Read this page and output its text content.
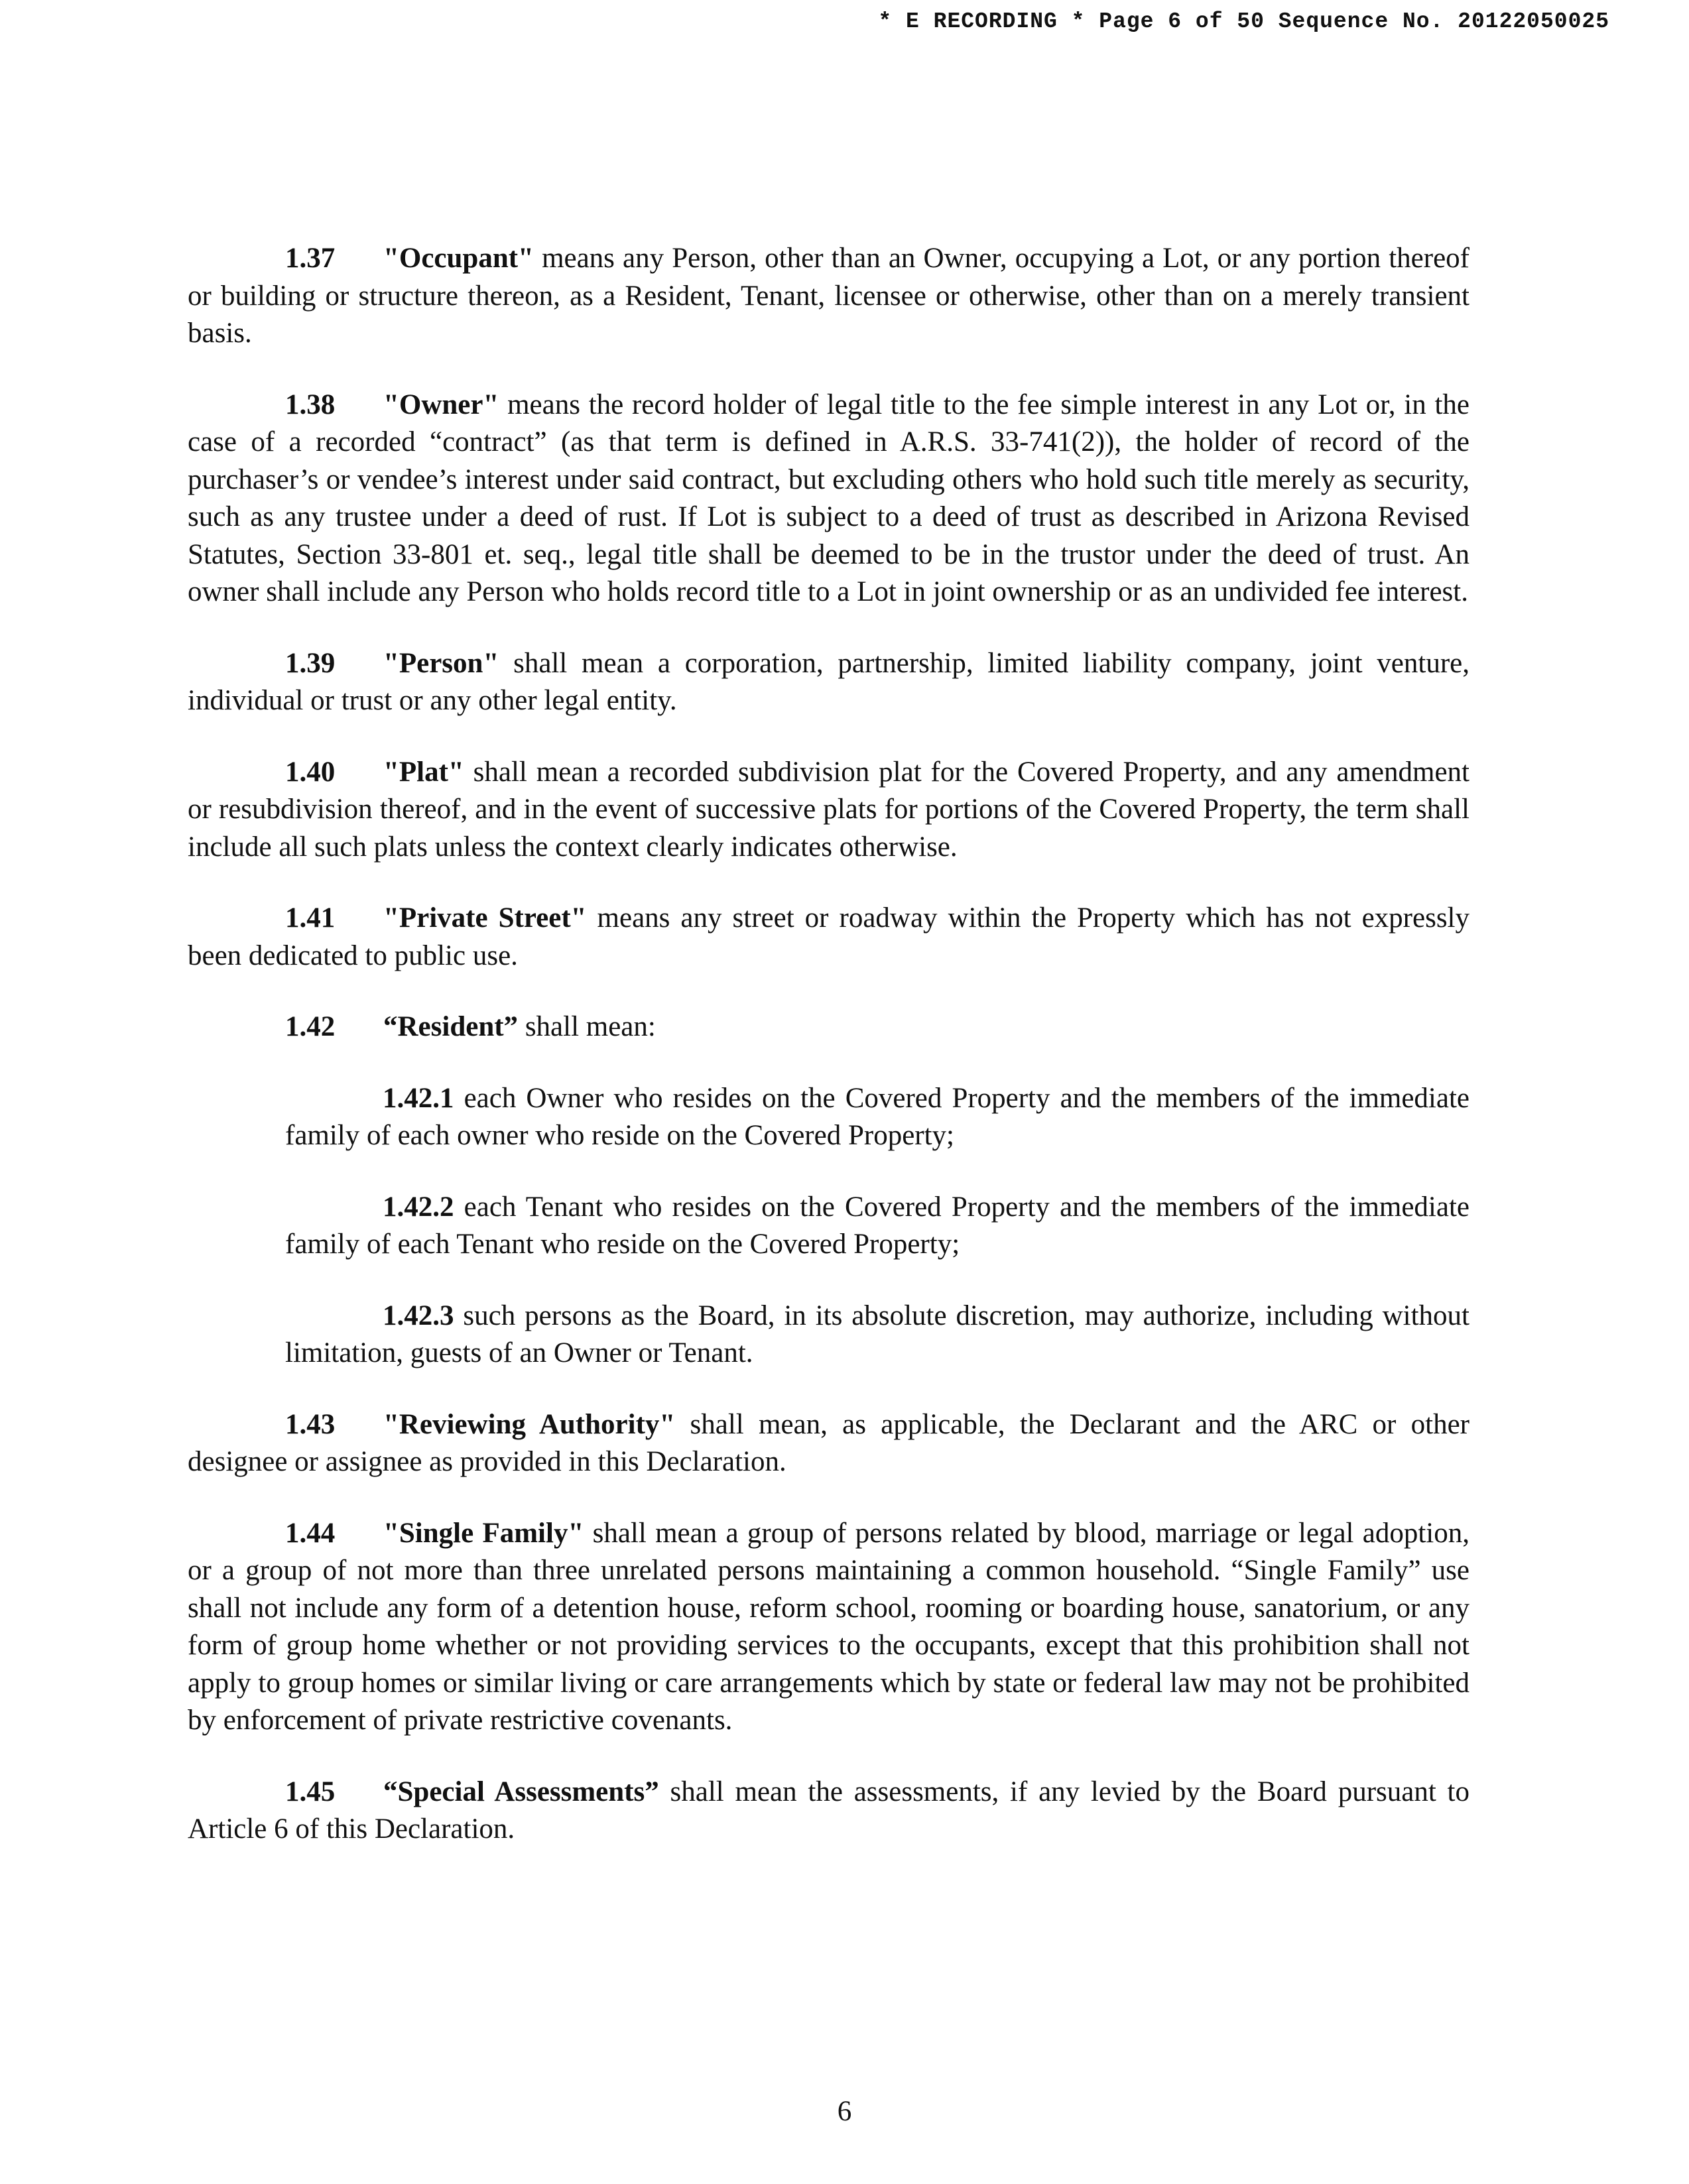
* E RECORDING * Page 6 of 50 Sequence No. 20122050025

1.37 "Occupant" means any Person, other than an Owner, occupying a Lot, or any portion thereof or building or structure thereon, as a Resident, Tenant, licensee or otherwise, other than on a merely transient basis.

1.38 "Owner" means the record holder of legal title to the fee simple interest in any Lot or, in the case of a recorded “contract” (as that term is defined in A.R.S. 33-741(2)), the holder of record of the purchaser’s or vendee’s interest under said contract, but excluding others who hold such title merely as security, such as any trustee under a deed of rust. If Lot is subject to a deed of trust as described in Arizona Revised Statutes, Section 33-801 et. seq., legal title shall be deemed to be in the trustor under the deed of trust. An owner shall include any Person who holds record title to a Lot in joint ownership or as an undivided fee interest.

1.39 "Person" shall mean a corporation, partnership, limited liability company, joint venture, individual or trust or any other legal entity.

1.40 "Plat" shall mean a recorded subdivision plat for the Covered Property, and any amendment or resubdivision thereof, and in the event of successive plats for portions of the Covered Property, the term shall include all such plats unless the context clearly indicates otherwise.

1.41 "Private Street" means any street or roadway within the Property which has not expressly been dedicated to public use.

1.42 “Resident” shall mean:

1.42.1 each Owner who resides on the Covered Property and the members of the immediate family of each owner who reside on the Covered Property;

1.42.2 each Tenant who resides on the Covered Property and the members of the immediate family of each Tenant who reside on the Covered Property;

1.42.3 such persons as the Board, in its absolute discretion, may authorize, including without limitation, guests of an Owner or Tenant.

1.43 "Reviewing Authority" shall mean, as applicable, the Declarant and the ARC or other designee or assignee as provided in this Declaration.

1.44 "Single Family" shall mean a group of persons related by blood, marriage or legal adoption, or a group of not more than three unrelated persons maintaining a common household. “Single Family” use shall not include any form of a detention house, reform school, rooming or boarding house, sanatorium, or any form of group home whether or not providing services to the occupants, except that this prohibition shall not apply to group homes or similar living or care arrangements which by state or federal law may not be prohibited by enforcement of private restrictive covenants.

1.45 “Special Assessments” shall mean the assessments, if any levied by the Board pursuant to Article 6 of this Declaration.

6
